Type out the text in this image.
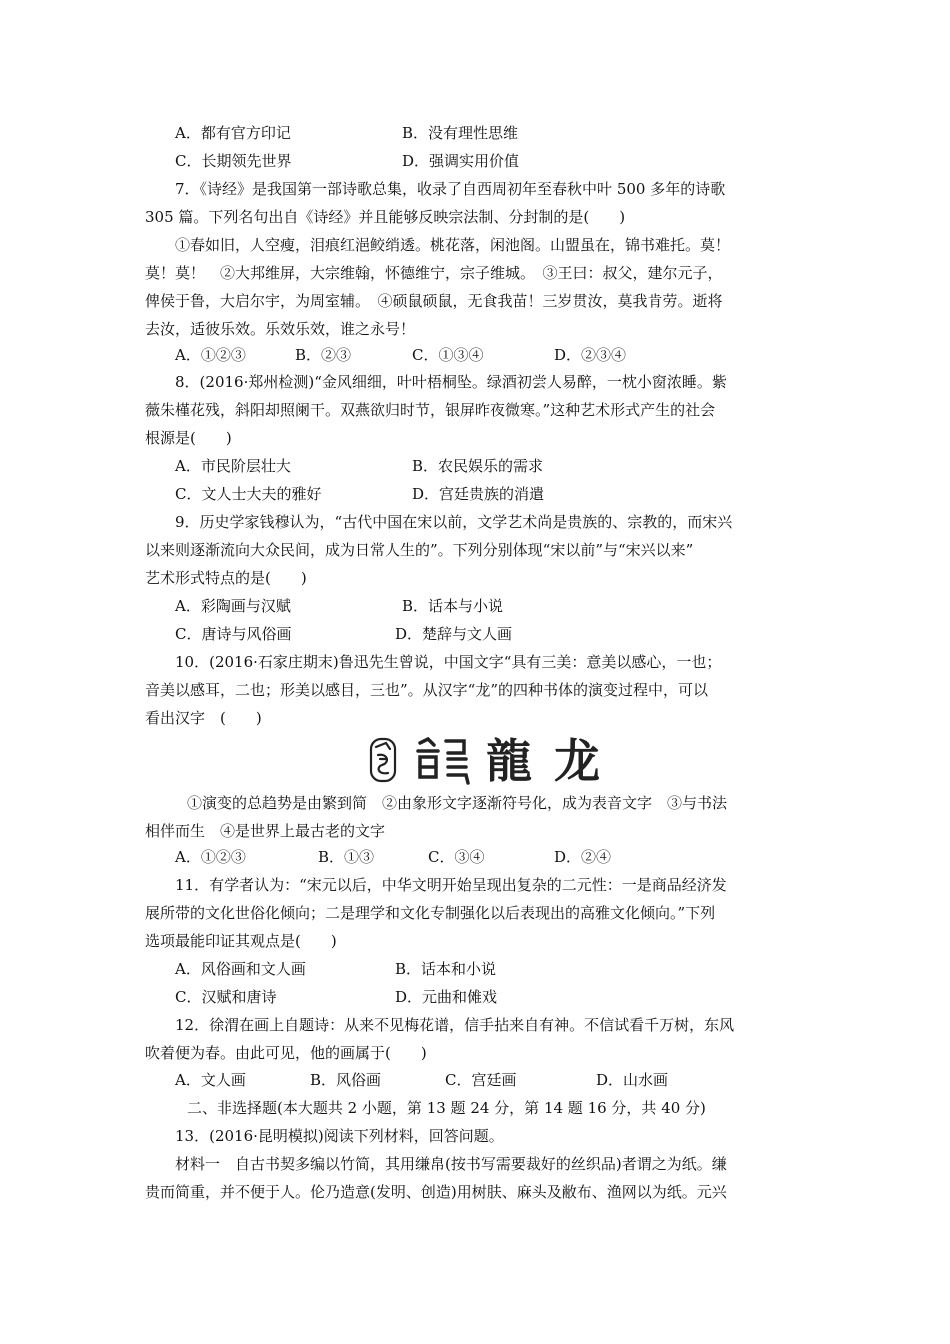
A．都有官方印记	B．没有理性思维
C．长期领先世界	D．强调实用价值
7．《诗经》是我国第一部诗歌总集，收录了自西周初年至春秋中叶 500 多年的诗歌
305 篇。下列名句出自《诗经》并且能够反映宗法制、分封制的是(　　)
①春如旧，人空瘦，泪痕红浥鲛绡透。桃花落，闲池阁。山盟虽在，锦书难托。莫！
莫！莫！　②大邦维屏，大宗维翰，怀德维宁，宗子维城。　③王曰：叔父，建尔元子，
俾侯于鲁，大启尔宇，为周室辅。　④硕鼠硕鼠，无食我苗！三岁贯汝，莫我肯劳。逝将
去汝，适彼乐效。乐效乐效，谁之永号！
A．①②③	B．②③	C．①③④	D．②③④
8．(2016·郑州检测)“金风细细，叶叶梧桐坠。绿酒初尝人易醉，一枕小窗浓睡。紫
薇朱槿花残，斜阳却照阑干。双燕欲归时节，银屏昨夜微寒。”这种艺术形式产生的社会
根源是(　　)
A．市民阶层壮大	B．农民娱乐的需求
C．文人士大夫的雅好	D．宫廷贵族的消遣
9．历史学家钱穆认为，“古代中国在宋以前，文学艺术尚是贵族的、宗教的，而宋兴
以来则逐渐流向大众民间，成为日常人生的”。下列分别体现“宋以前”与“宋兴以来”
艺术形式特点的是(　　)
A．彩陶画与汉赋	B．话本与小说
C．唐诗与风俗画	D．楚辞与文人画
10．(2016·石家庄期末)鲁迅先生曾说，中国文字“具有三美：意美以感心，一也；
音美以感耳，二也；形美以感目，三也”。从汉字“龙”的四种书体的演变过程中，可以
看出汉字　(　　)
龍 龙
①演变的总趋势是由繁到简　②由象形文字逐渐符号化，成为表音文字　③与书法
相伴而生　④是世界上最古老的文字
A．①②③	B．①③	C．③④	D．②④
11．有学者认为：“宋元以后，中华文明开始呈现出复杂的二元性：一是商品经济发
展所带的文化世俗化倾向；二是理学和文化专制强化以后表现出的高雅文化倾向。”下列
选项最能印证其观点是(　　)
A．风俗画和文人画	B．话本和小说
C．汉赋和唐诗	D．元曲和傩戏
12．徐渭在画上自题诗：从来不见梅花谱，信手拈来自有神。不信试看千万树，东风
吹着便为春。由此可见，他的画属于(　　)
A．文人画	B．风俗画	C．宫廷画	D．山水画
二、非选择题(本大题共 2 小题，第 13 题 24 分，第 14 题 16 分，共 40 分)
13．(2016·昆明模拟)阅读下列材料，回答问题。
材料一　自古书契多编以竹简，其用缣帛(按书写需要裁好的丝织品)者谓之为纸。缣
贵而简重，并不便于人。伦乃造意(发明、创造)用树肤、麻头及敝布、渔网以为纸。元兴
